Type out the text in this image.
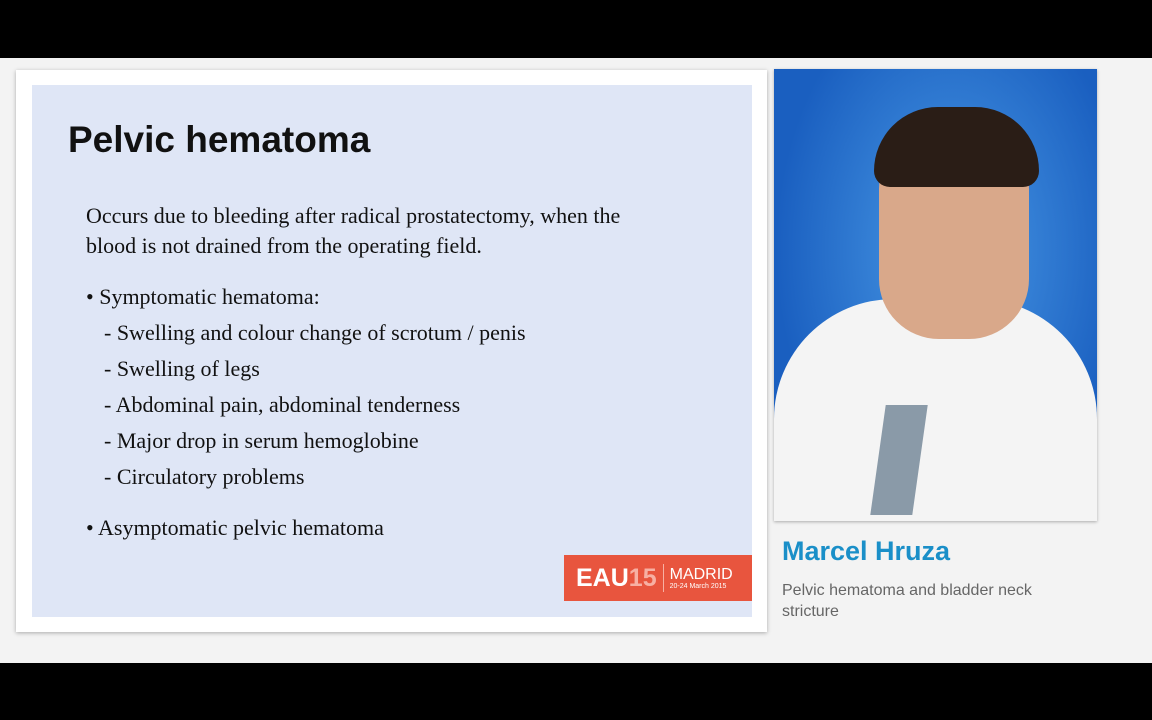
Pelvic hematoma
Occurs due to bleeding after radical prostatectomy, when the
blood is not drained from the operating field.
• Symptomatic hematoma:
- Swelling and colour change of scrotum / penis
- Swelling of legs
- Abdominal pain, abdominal tenderness
- Major drop in serum hemoglobine
- Circulatory problems
• Asymptomatic pelvic hematoma
EAU 15 MADRID
20-24 March 2015
Marcel Hruza
Pelvic hematoma and bladder neck stricture
